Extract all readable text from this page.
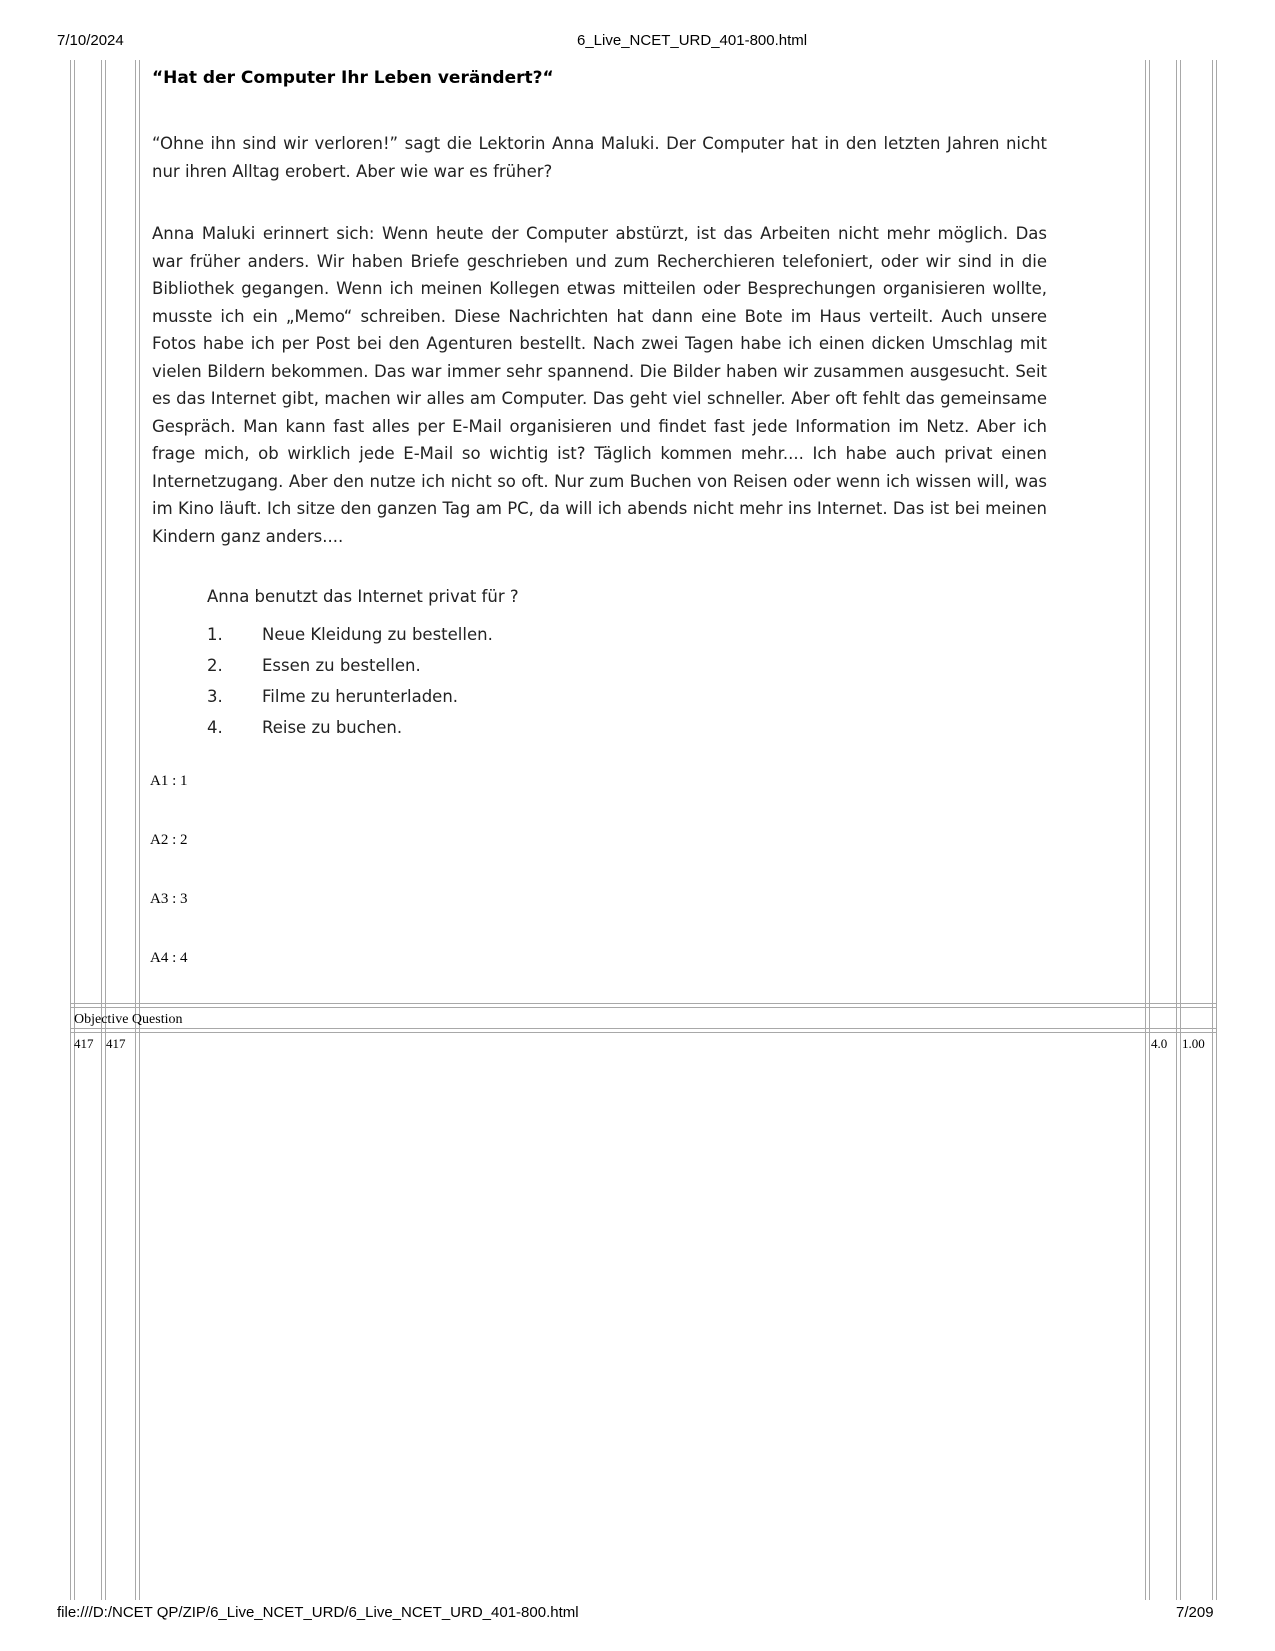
7/10/2024	6_Live_NCET_URD_401-800.html
“Hat der Computer Ihr Leben verändert?“
“Ohne ihn sind wir verloren!” sagt die Lektorin Anna Maluki. Der Computer hat in den letzten Jahren nicht nur ihren Alltag erobert. Aber wie war es früher?
Anna Maluki erinnert sich: Wenn heute der Computer abstürzt, ist das Arbeiten nicht mehr möglich. Das war früher anders. Wir haben Briefe geschrieben und zum Recherchieren telefoniert, oder wir sind in die Bibliothek gegangen. Wenn ich meinen Kollegen etwas mitteilen oder Besprechungen organisieren wollte, musste ich ein „Memo“ schreiben. Diese Nachrichten hat dann eine Bote im Haus verteilt. Auch unsere Fotos habe ich per Post bei den Agenturen bestellt. Nach zwei Tagen habe ich einen dicken Umschlag mit vielen Bildern bekommen. Das war immer sehr spannend. Die Bilder haben wir zusammen ausgesucht. Seit es das Internet gibt, machen wir alles am Computer. Das geht viel schneller. Aber oft fehlt das gemeinsame Gespräch. Man kann fast alles per E-Mail organisieren und findet fast jede Information im Netz. Aber ich frage mich, ob wirklich jede E-Mail so wichtig ist? Täglich kommen mehr.... Ich habe auch privat einen Internetzugang. Aber den nutze ich nicht so oft. Nur zum Buchen von Reisen oder wenn ich wissen will, was im Kino läuft. Ich sitze den ganzen Tag am PC, da will ich abends nicht mehr ins Internet. Das ist bei meinen Kindern ganz anders....
Anna benutzt das Internet privat für ?
1.	Neue Kleidung zu bestellen.
2.	Essen zu bestellen.
3.	Filme zu herunterladen.
4.	Reise zu buchen.
A1 : 1
A2 : 2
A3 : 3
A4 : 4
Objective Question
417 417	4.0 1.00
file:///D:/NCET QP/ZIP/6_Live_NCET_URD/6_Live_NCET_URD_401-800.html	7/209
